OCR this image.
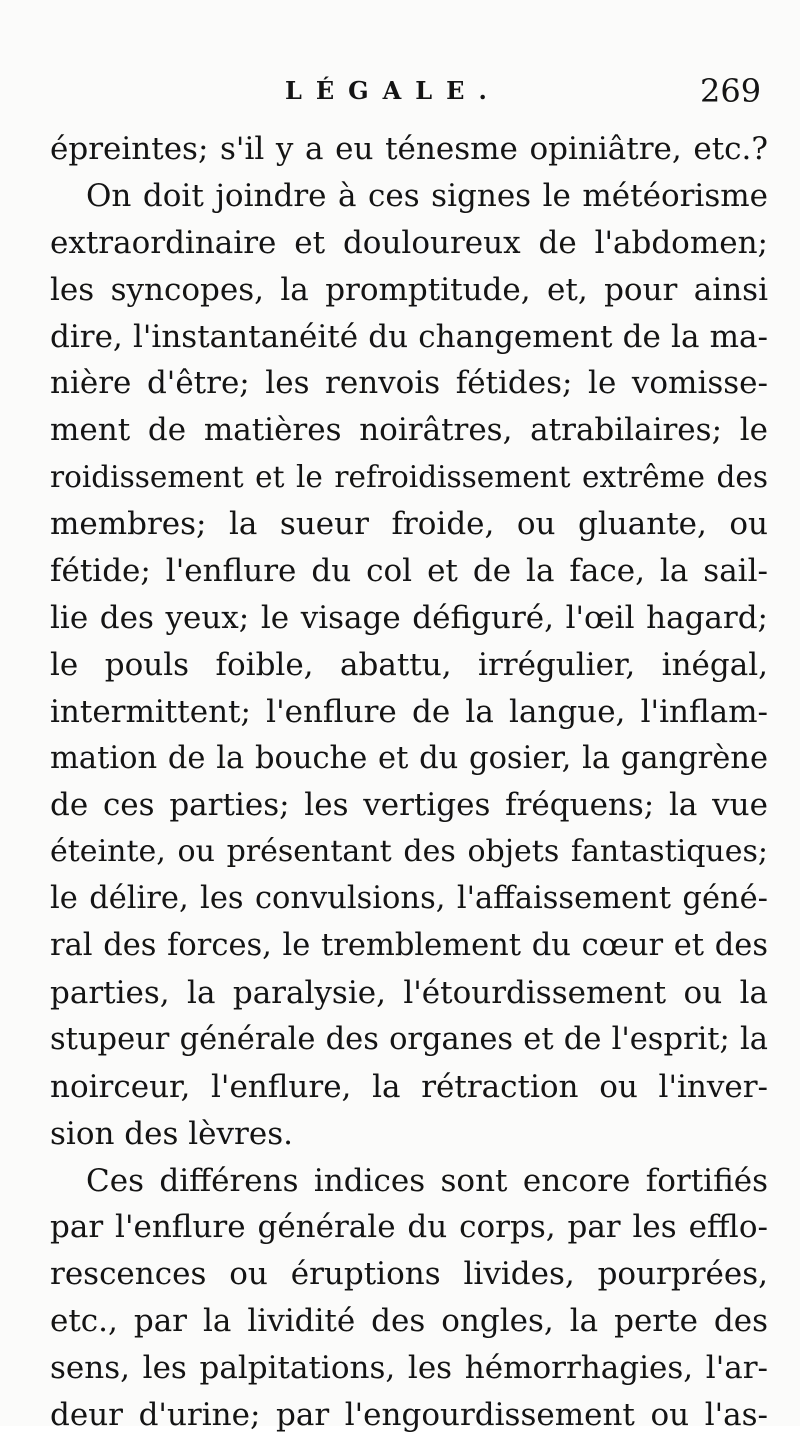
LÉGALE.	269
épreintes; s'il y a eu ténesme opiniâtre, etc.?
On doit joindre à ces signes le météorisme
extraordinaire et douloureux de l'abdomen;
les syncopes, la promptitude, et, pour ainsi
dire, l'instantanéité du changement de la ma-
nière d'être; les renvois fétides; le vomisse-
ment de matières noirâtres, atrabilaires; le
roidissement et le refroidissement extrême des
membres; la sueur froide, ou gluante, ou
fétide; l'enflure du col et de la face, la sail-
lie des yeux; le visage défiguré, l'œil hagard;
le pouls foible, abattu, irrégulier, inégal,
intermittent; l'enflure de la langue, l'inflam-
mation de la bouche et du gosier, la gangrène
de ces parties; les vertiges fréquens; la vue
éteinte, ou présentant des objets fantastiques;
le délire, les convulsions, l'affaissement géné-
ral des forces, le tremblement du cœur et des
parties, la paralysie, l'étourdissement ou la
stupeur générale des organes et de l'esprit; la
noirceur, l'enflure, la rétraction ou l'inver-
sion des lèvres.
Ces différens indices sont encore fortifiés
par l'enflure générale du corps, par les efflo-
rescences ou éruptions livides, pourprées,
etc., par la lividité des ongles, la perte des
sens, les palpitations, les hémorrhagies, l'ar-
deur d'urine; par l'engourdissement ou l'as-
